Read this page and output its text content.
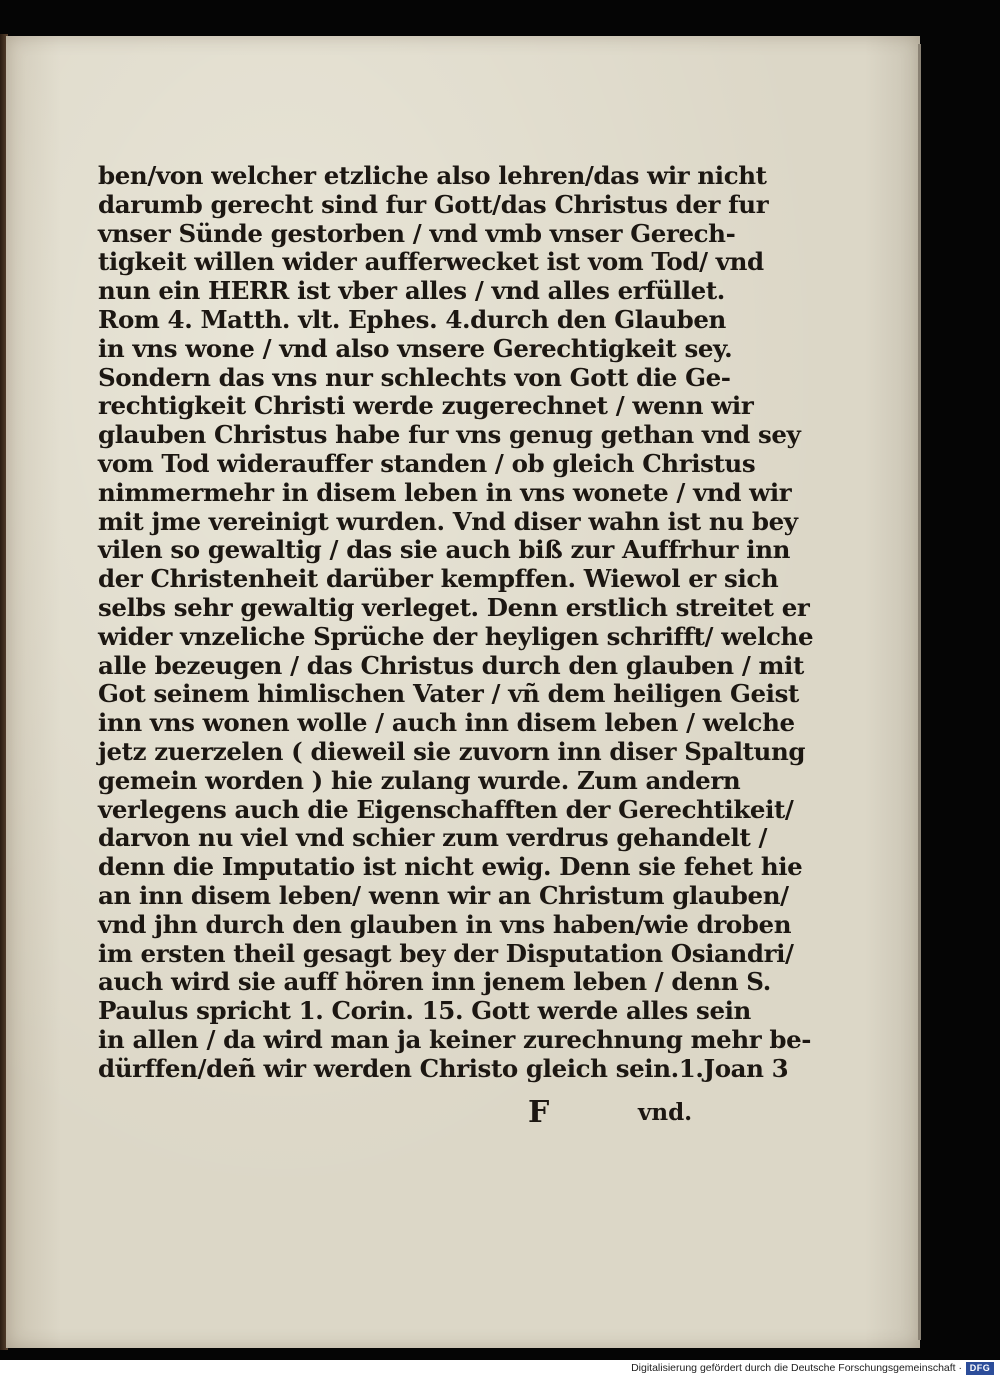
ben/von welcher etzliche also lehren/das wir nicht
darumb gerecht sind fur Gott/das Christus der fur
vnser Sünde gestorben / vnd vmb vnser Gerech-
tigkeit willen wider aufferwecket ist vom Tod/ vnd
nun ein HERR ist vber alles / vnd alles erfüllet.
Rom 4. Matth. vlt. Ephes. 4.durch den Glauben
in vns wone / vnd also vnsere Gerechtigkeit sey.
Sondern das vns nur schlechts von Gott die Ge-
rechtigkeit Christi werde zugerechnet / wenn wir
glauben Christus habe fur vns genug gethan vnd sey
vom Tod widerauffer standen / ob gleich Christus
nimmermehr in disem leben in vns wonete / vnd wir
mit jme vereinigt wurden. Vnd diser wahn ist nu bey
vilen so gewaltig / das sie auch biß zur Auffrhur inn
der Christenheit darüber kempffen. Wiewol er sich
selbs sehr gewaltig verleget. Denn erstlich streitet er
wider vnzeliche Sprüche der heyligen schrifft/ welche
alle bezeugen / das Christus durch den glauben / mit
Got seinem himlischen Vater / vñ dem heiligen Geist
inn vns wonen wolle / auch inn disem leben / welche
jetz zuerzelen ( dieweil sie zuvorn inn diser Spaltung
gemein worden ) hie zulang wurde. Zum andern
verlegens auch die Eigenschafften der Gerechtikeit/
darvon nu viel vnd schier zum verdrus gehandelt /
denn die Imputatio ist nicht ewig. Denn sie fehet hie
an inn disem leben/ wenn wir an Christum glauben/
vnd jhn durch den glauben in vns haben/wie droben
im ersten theil gesagt bey der Disputation Osiandri/
auch wird sie auff hören inn jenem leben / denn S.
Paulus spricht 1. Corin. 15. Gott werde alles sein
in allen / da wird man ja keiner zurechnung mehr be-
dürffen/deñ wir werden Christo gleich sein.1.Joan 3
F	vnd.
Digitalisierung gefördert durch die Deutsche Forschungsgemeinschaft · DFG
